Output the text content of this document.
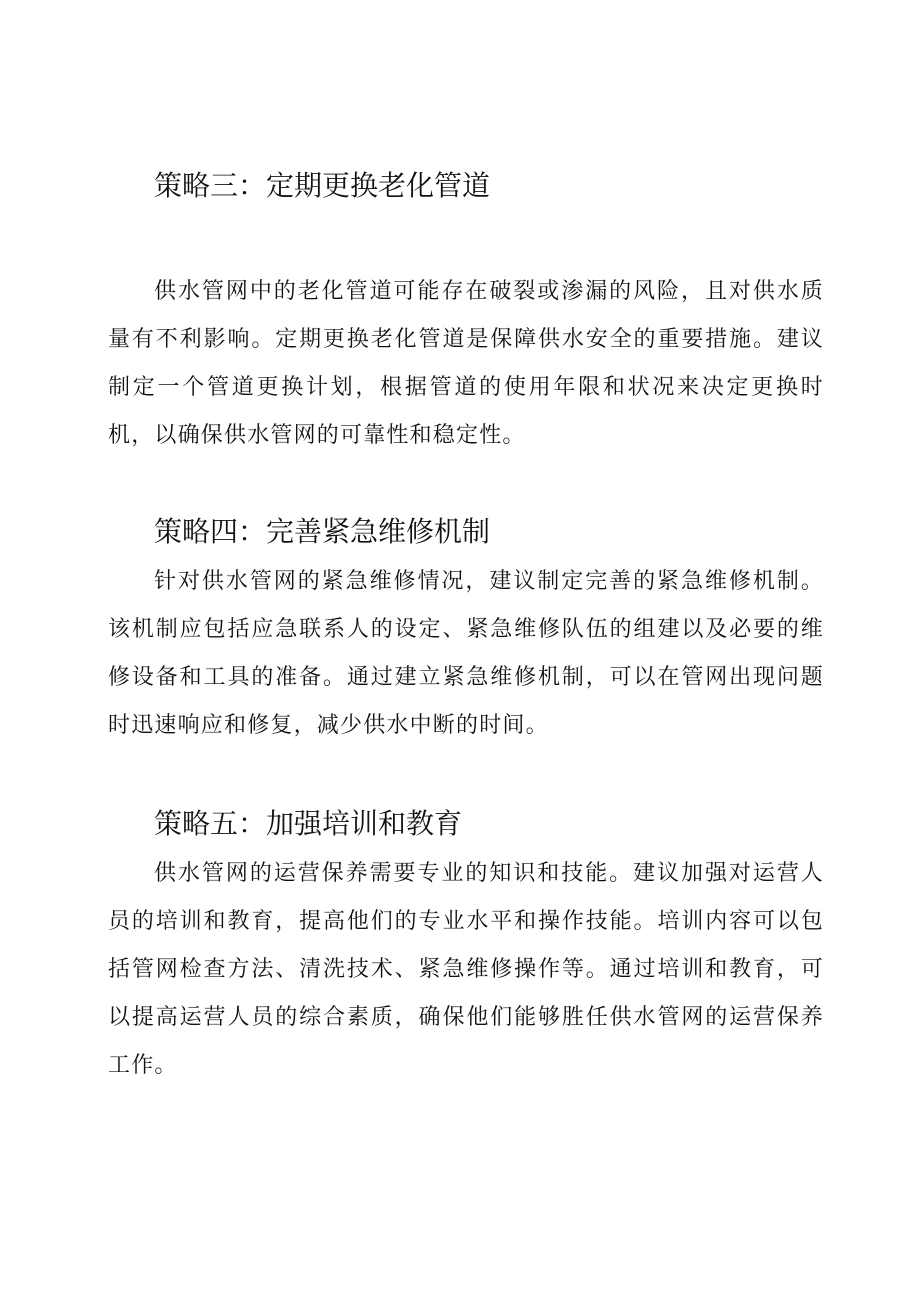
策略三：定期更换老化管道

供水管网中的老化管道可能存在破裂或渗漏的风险，且对供水质量有不利影响。定期更换老化管道是保障供水安全的重要措施。建议制定一个管道更换计划，根据管道的使用年限和状况来决定更换时机，以确保供水管网的可靠性和稳定性。

策略四：完善紧急维修机制

针对供水管网的紧急维修情况，建议制定完善的紧急维修机制。该机制应包括应急联系人的设定、紧急维修队伍的组建以及必要的维修设备和工具的准备。通过建立紧急维修机制，可以在管网出现问题时迅速响应和修复，减少供水中断的时间。

策略五：加强培训和教育

供水管网的运营保养需要专业的知识和技能。建议加强对运营人员的培训和教育，提高他们的专业水平和操作技能。培训内容可以包括管网检查方法、清洗技术、紧急维修操作等。通过培训和教育，可以提高运营人员的综合素质，确保他们能够胜任供水管网的运营保养工作。
